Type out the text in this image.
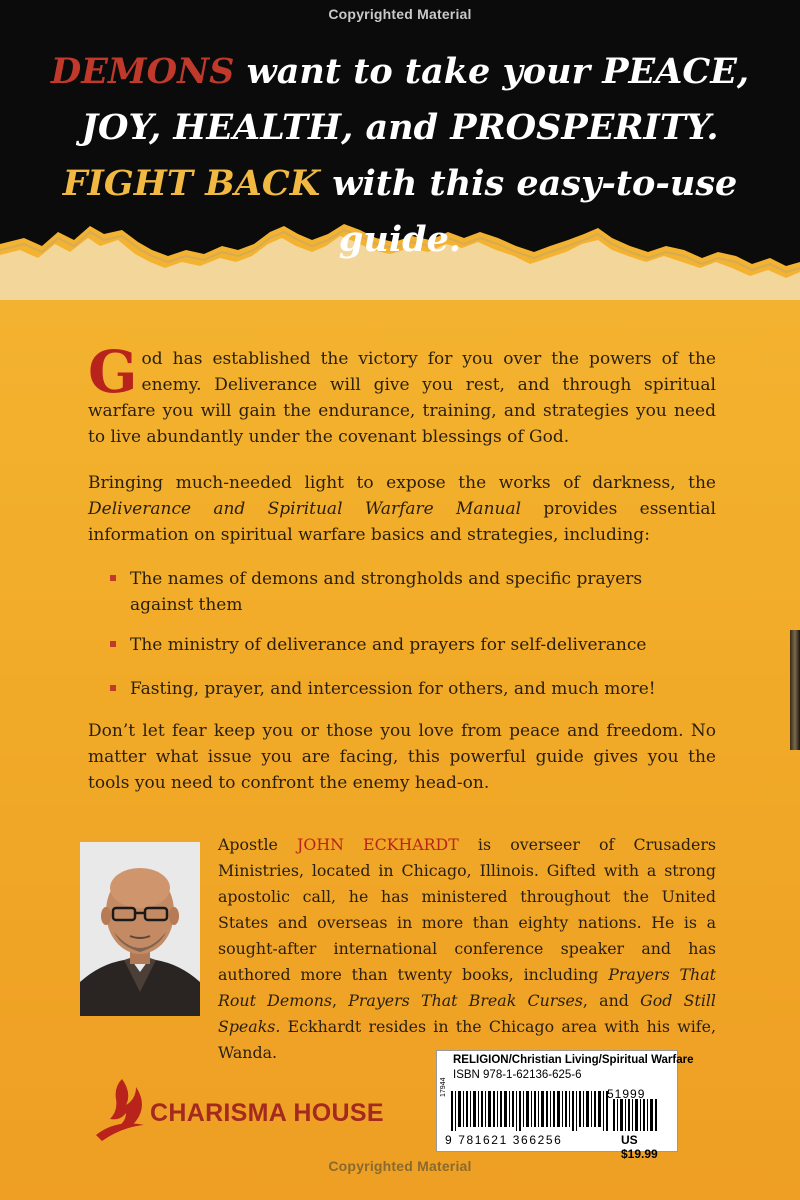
Copyrighted Material
DEMONS want to take your PEACE,
JOY, HEALTH, and PROSPERITY.
FIGHT BACK with this easy-to-use guide.
God has established the victory for you over the powers of the enemy. Deliverance will give you rest, and through spiritual warfare you will gain the endurance, training, and strategies you need to live abundantly under the covenant blessings of God.
Bringing much-needed light to expose the works of darkness, the Deliverance and Spiritual Warfare Manual provides essential information on spiritual warfare basics and strategies, including:
The names of demons and strongholds and specific prayers against them
The ministry of deliverance and prayers for self-deliverance
Fasting, prayer, and intercession for others, and much more!
Don’t let fear keep you or those you love from peace and freedom. No matter what issue you are facing, this powerful guide gives you the tools you need to confront the enemy head-on.
Apostle JOHN ECKHARDT is overseer of Crusaders Ministries, located in Chicago, Illinois. Gifted with a strong apostolic call, he has ministered throughout the United States and overseas in more than eighty nations. He is a sought-after international conference speaker and has authored more than twenty books, including Prayers That Rout Demons, Prayers That Break Curses, and God Still Speaks. Eckhardt resides in the Chicago area with his wife, Wanda.
CHARISMA HOUSE
17944
RELIGION/Christian Living/Spiritual Warfare
ISBN 978-1-62136-625-6
51999
9 781621 366256	US $19.99
Copyrighted Material
